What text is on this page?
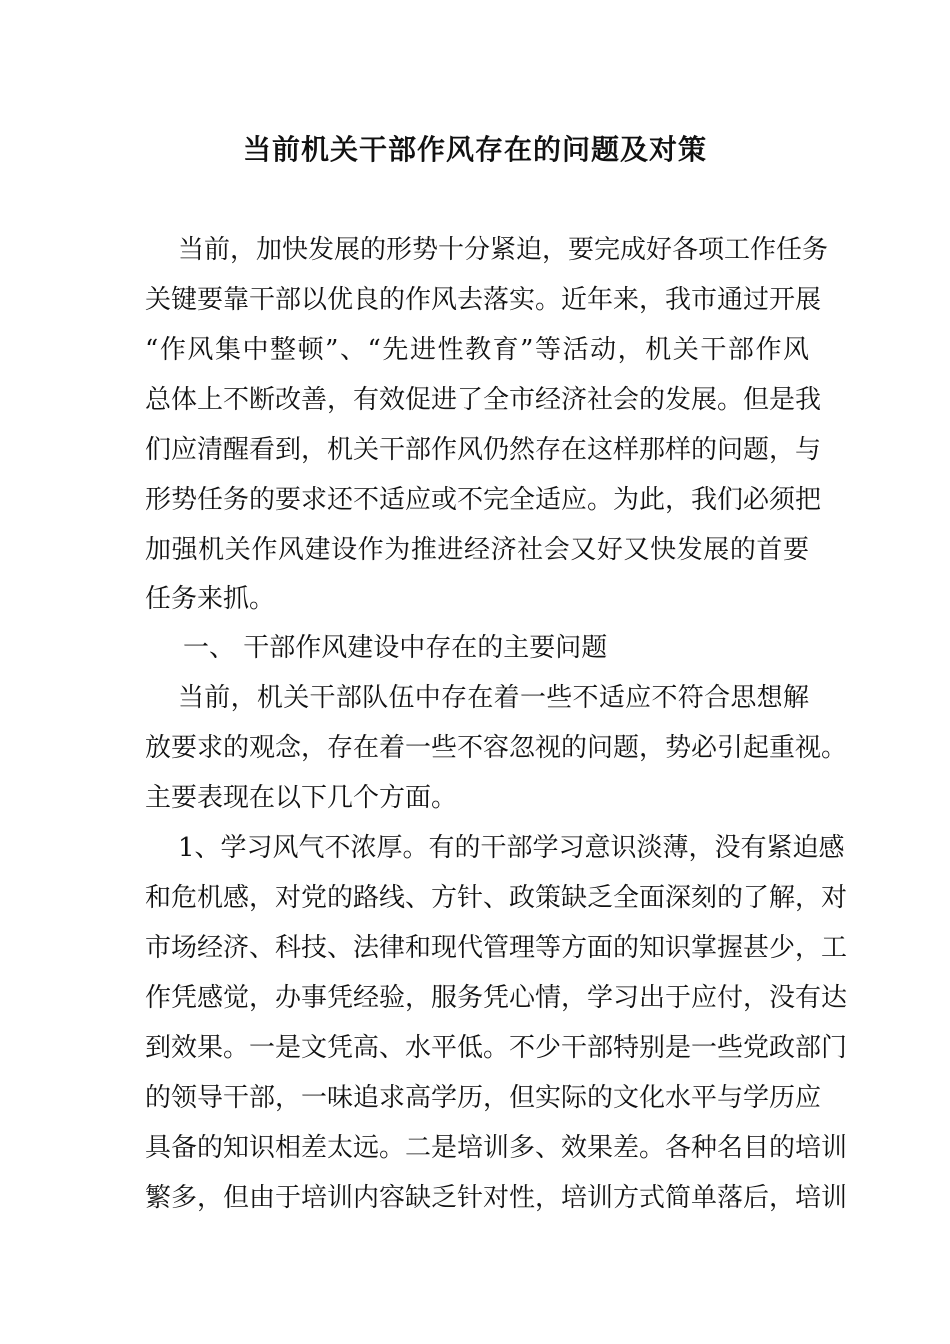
当前机关干部作风存在的问题及对策
当前，加快发展的形势十分紧迫，要完成好各项工作任务
关键要靠干部以优良的作风去落实。近年来，我市通过开展
“作风集中整顿”、“先进性教育”等活动，机关干部作风
总体上不断改善，有效促进了全市经济社会的发展。但是我
们应清醒看到，机关干部作风仍然存在这样那样的问题，与
形势任务的要求还不适应或不完全适应。为此，我们必须把
加强机关作风建设作为推进经济社会又好又快发展的首要
任务来抓。
一、 干部作风建设中存在的主要问题
当前，机关干部队伍中存在着一些不适应不符合思想解
放要求的观念，存在着一些不容忽视的问题，势必引起重视。
主要表现在以下几个方面。
1、学习风气不浓厚。有的干部学习意识淡薄，没有紧迫感
和危机感，对党的路线、方针、政策缺乏全面深刻的了解，对
市场经济、科技、法律和现代管理等方面的知识掌握甚少，工
作凭感觉，办事凭经验，服务凭心情，学习出于应付，没有达
到效果。一是文凭高、水平低。不少干部特别是一些党政部门
的领导干部，一味追求高学历，但实际的文化水平与学历应
具备的知识相差太远。二是培训多、效果差。各种名目的培训
繁多，但由于培训内容缺乏针对性，培训方式简单落后，培训
